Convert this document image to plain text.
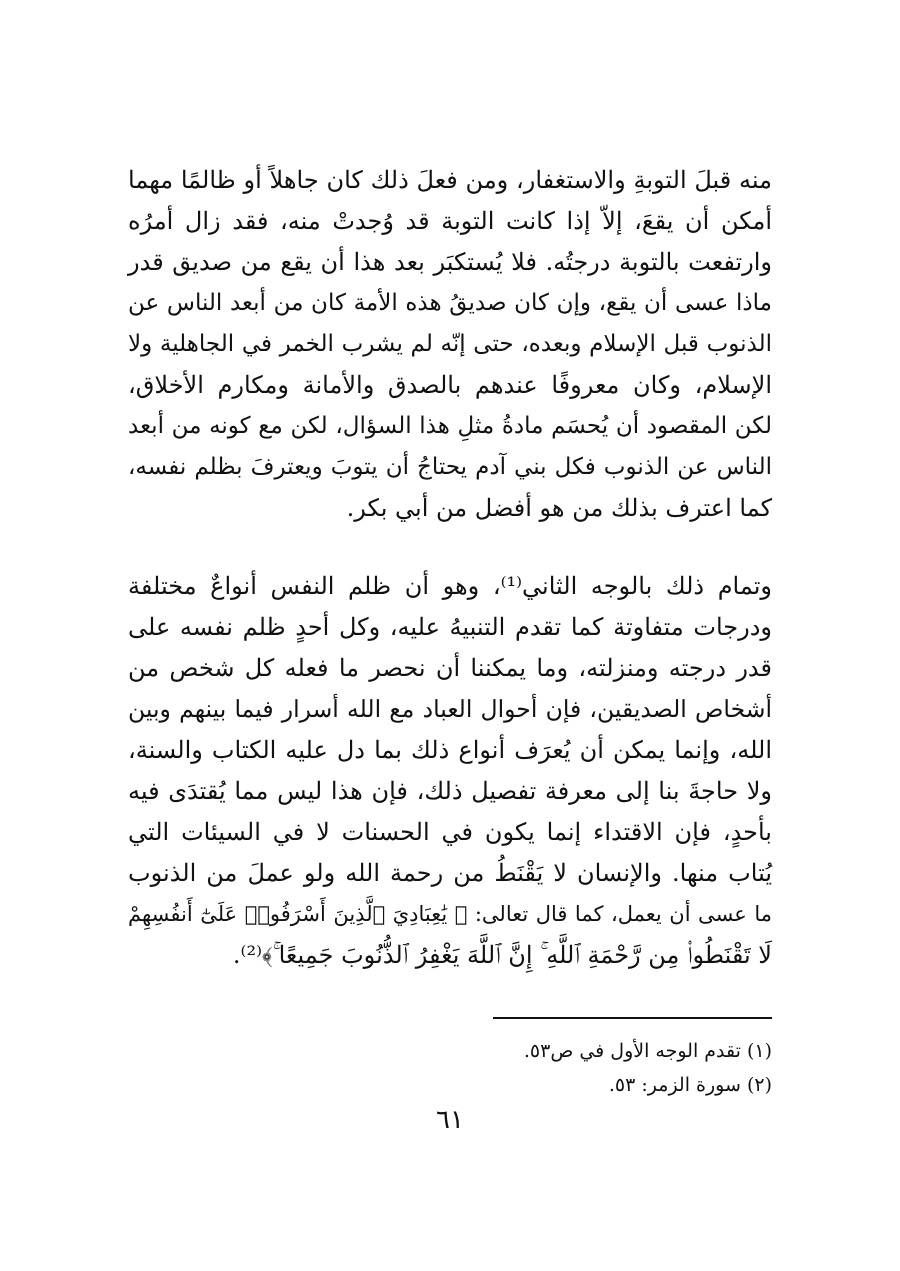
منه قبلَ التوبةِ والاستغفار، ومن فعلَ ذلك كان جاهلاً أو ظالمًا مهما
أمكن أن يقعَ، إلاّ إذا كانت التوبة قد وُجدتْ منه، فقد زال أمرُه
وارتفعت بالتوبة درجتُه. فلا يُستكبَر بعد هذا أن يقع من صديق قدر
ماذا عسى أن يقع، وإن كان صديقُ هذه الأمة كان من أبعد الناس عن
الذنوب قبل الإسلام وبعده، حتى إنّه لم يشرب الخمر في الجاهلية ولا
الإسلام، وكان معروفًا عندهم بالصدق والأمانة ومكارم الأخلاق،
لكن المقصود أن يُحسَم مادةُ مثلِ هذا السؤال، لكن مع كونه من أبعد
الناس عن الذنوب فكل بني آدم يحتاجُ أن يتوبَ ويعترفَ بظلم نفسه،
كما اعترف بذلك من هو أفضل من أبي بكر.
وتمام ذلك بالوجه الثاني⁽¹⁾، وهو أن ظلم النفس أنواعٌ مختلفة
ودرجات متفاوتة كما تقدم التنبيهُ عليه، وكل أحدٍ ظلم نفسه على
قدر درجته ومنزلته، وما يمكننا أن نحصر ما فعله كل شخص من
أشخاص الصديقين، فإن أحوال العباد مع الله أسرار فيما بينهم وبين
الله، وإنما يمكن أن يُعرَف أنواع ذلك بما دل عليه الكتاب والسنة،
ولا حاجةَ بنا إلى معرفة تفصيل ذلك، فإن هذا ليس مما يُقتدَى فيه
بأحدٍ، فإن الاقتداء إنما يكون في الحسنات لا في السيئات التي
يُتاب منها. والإنسان لا يَقْنَطُ من رحمة الله ولو عملَ من الذنوب
ما عسى أن يعمل، كما قال تعالى: ﴿ يَٰعِبَادِيَ ٱلَّذِينَ أَسْرَفُوا۟ عَلَىٰٓ أَنفُسِهِمْ
لَا تَقْنَطُوا۟ مِن رَّحْمَةِ ٱللَّهِ ۚ إِنَّ ٱللَّهَ يَغْفِرُ ٱلذُّنُوبَ جَمِيعًا ۚ﴾⁽²⁾.
(١) تقدم الوجه الأول في ص٥٣.
(٢) سورة الزمر: ٥٣.
٦١
